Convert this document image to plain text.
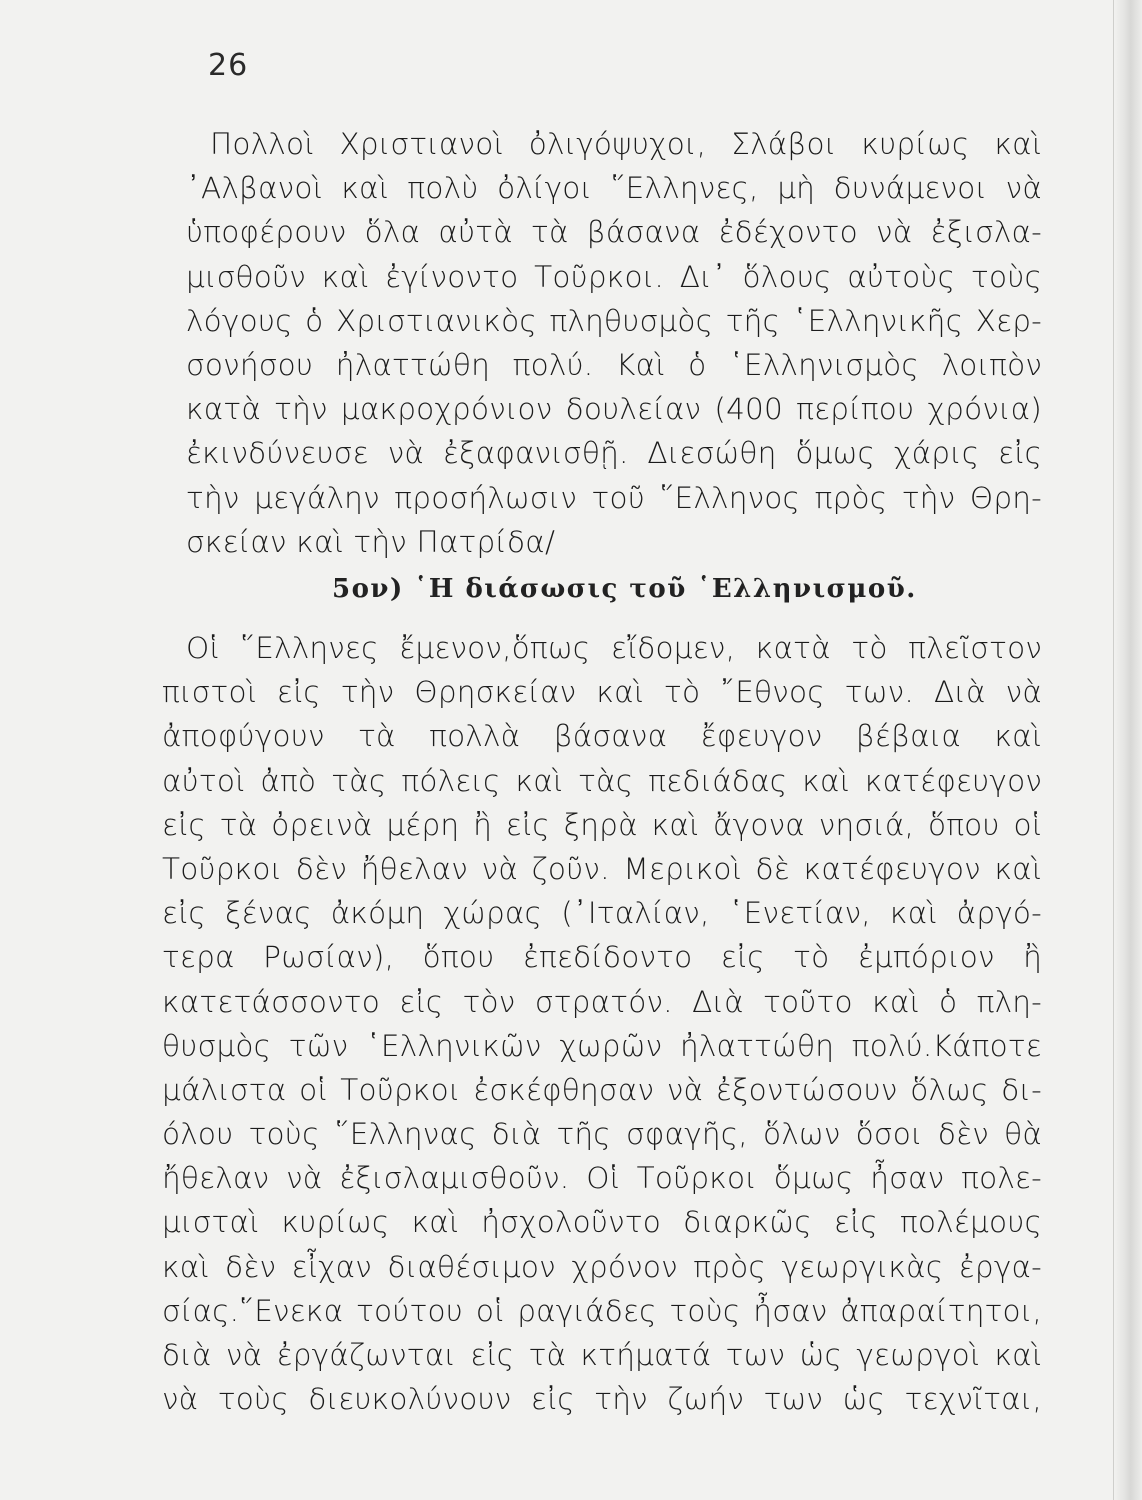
26
Πολλοὶ Χριστιανοὶ ὀλιγόψυχοι, Σλάβοι κυρίως καὶ
᾿Αλβανοὶ καὶ πολὺ ὀλίγοι ῞Ελληνες, μὴ δυνάμενοι νὰ
ὑποφέρουν ὅλα αὐτὰ τὰ βάσανα ἐδέχοντο νὰ ἐξισλα-
μισθοῦν καὶ ἐγίνοντο Τοῦρκοι. Δι᾿ ὅλους αὐτοὺς τοὺς
λόγους ὁ Χριστιανικὸς πληθυσμὸς τῆς ῾Ελληνικῆς Χερ-
σονήσου ἠλαττώθη πολύ. Καὶ ὁ ῾Ελληνισμὸς λοιπὸν
κατὰ τὴν μακροχρόνιον δουλείαν (400 περίπου χρόνια)
ἐκινδύνευσε νὰ ἐξαφανισθῇ. Διεσώθη ὅμως χάρις εἰς
τὴν μεγάλην προσήλωσιν τοῦ ῞Ελληνος πρὸς τὴν Θρη-
σκείαν καὶ τὴν Πατρίδα/
5ον) ῾Η διάσωσις τοῦ ῾Ελληνισμοῦ.
Οἱ ῞Ελληνες ἔμενον,ὅπως εἴδομεν, κατὰ τὸ πλεῖστον
πιστοὶ εἰς τὴν Θρησκείαν καὶ τὸ ῎Εθνος των. Διὰ νὰ
ἀποφύγουν τὰ πολλὰ βάσανα ἔφευγον βέβαια καὶ
αὐτοὶ ἀπὸ τὰς πόλεις καὶ τὰς πεδιάδας καὶ κατέφευγον
εἰς τὰ ὀρεινὰ μέρη ἢ εἰς ξηρὰ καὶ ἄγονα νησιά, ὅπου οἱ
Τοῦρκοι δὲν ἤθελαν νὰ ζοῦν. Μερικοὶ δὲ κατέφευγον καὶ
εἰς ξένας ἀκόμη χώρας (᾿Ιταλίαν, ῾Ενετίαν, καὶ ἀργό-
τερα Ρωσίαν), ὅπου ἐπεδίδοντο εἰς τὸ ἐμπόριον ἢ
κατετάσσοντο εἰς τὸν στρατόν. Διὰ τοῦτο καὶ ὁ πλη-
θυσμὸς τῶν ῾Ελληνικῶν χωρῶν ἠλαττώθη πολύ.Κάποτε
μάλιστα οἱ Τοῦρκοι ἐσκέφθησαν νὰ ἐξοντώσουν ὅλως δι-
όλου τοὺς ῞Ελληνας διὰ τῆς σφαγῆς, ὅλων ὅσοι δὲν θὰ
ἤθελαν νὰ ἐξισλαμισθοῦν. Οἱ Τοῦρκοι ὅμως ἦσαν πολε-
μισταὶ κυρίως καὶ ἠσχολοῦντο διαρκῶς εἰς πολέμους
καὶ δὲν εἶχαν διαθέσιμον χρόνον πρὸς γεωργικὰς ἐργα-
σίας.῞Ενεκα τούτου οἱ ραγιάδες τοὺς ἦσαν ἀπαραίτητοι,
διὰ νὰ ἐργάζωνται εἰς τὰ κτήματά των ὡς γεωργοὶ καὶ
νὰ τοὺς διευκολύνουν εἰς τὴν ζωήν των ὡς τεχνῖται,
